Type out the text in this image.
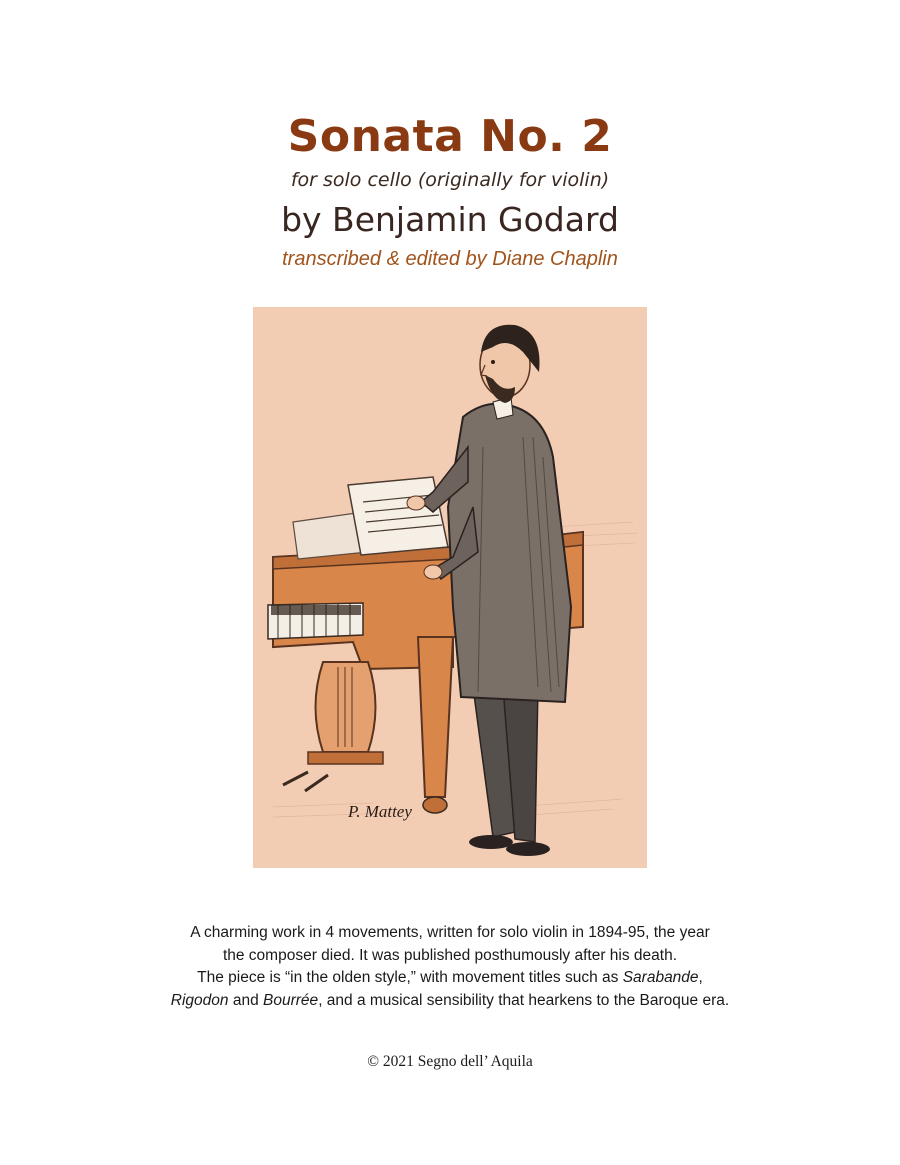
Sonata No. 2
for solo cello (originally for violin)
by Benjamin Godard
transcribed & edited by Diane Chaplin
P. Mattey
A charming work in 4 movements, written for solo violin in 1894-95, the year
the composer died. It was published posthumously after his death.
The piece is “in the olden style,” with movement titles such as Sarabande,
Rigodon and Bourrée, and a musical sensibility that hearkens to the Baroque era.
© 2021 Segno dell’ Aquila
